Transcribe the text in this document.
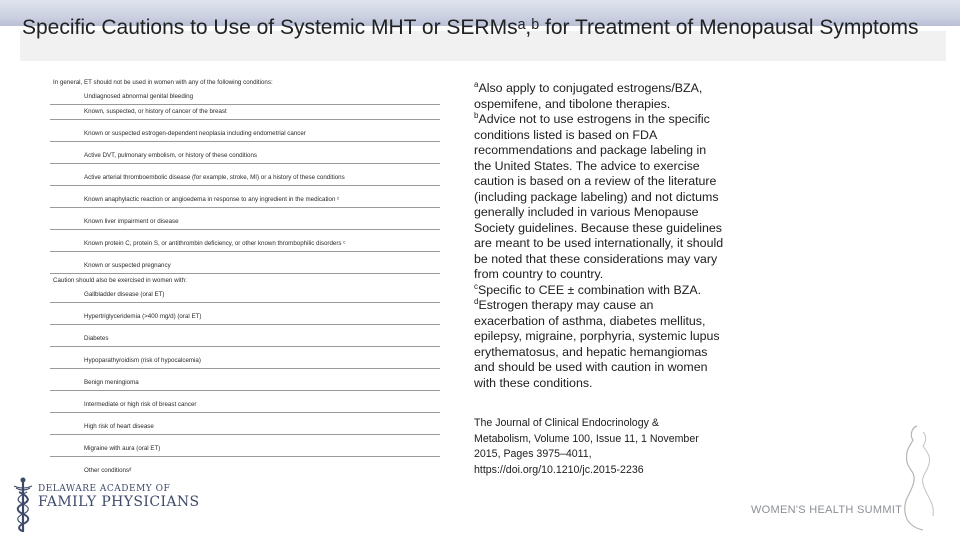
Specific Cautions to Use of Systemic MHT or SERMsᵃ,ᵇ for Treatment of Menopausal Symptoms
In general, ET should not be used in women with any of the following conditions:
Undiagnosed abnormal genital bleeding
Known, suspected, or history of cancer of the breast
Known or suspected estrogen-dependent neoplasia including endometrial cancer
Active DVT, pulmonary embolism, or history of these conditions
Active arterial thromboembolic disease (for example, stroke, MI) or a history of these conditions
Known anaphylactic reaction or angioedema in response to any ingredient in the medication ᶜ
Known liver impairment or disease
Known protein C, protein S, or antithrombin deficiency, or other known thrombophilic disorders ᶜ
Known or suspected pregnancy
Caution should also be exercised in women with:
Gallbladder disease (oral ET)
Hypertriglyceridemia (>400 mg/d) (oral ET)
Diabetes
Hypoparathyroidism (risk of hypocalcemia)
Benign meningioma
Intermediate or high risk of breast cancer
High risk of heart disease
Migraine with aura (oral ET)
Other conditionsᵈ

$^a$Also apply to conjugated estrogens/BZA, ospemifene, and tibolone therapies.

$^b$Advice not to use estrogens in the specific conditions listed is based on FDA recommendations and package labeling in the United States. The advice to exercise caution is based on a review of the literature (including package labeling) and not dictums generally included in various Menopause Society guidelines. Because these guidelines are meant to be used internationally, it should be noted that these considerations may vary from country to country.

$^c$Specific to CEE ± combination with BZA.

$^d$Estrogen therapy may cause an exacerbation of asthma, diabetes mellitus, epilepsy, migraine, porphyria, systemic lupus erythematosus, and hepatic hemangiomas and should be used with caution in women with these conditions.

The Journal of Clinical Endocrinology &

Metabolism, Volume 100, Issue 11, 1 November

2015, Pages 3975–4011,

https://doi.org/10.1210/jc.2015-2236

DELAWARE ACADEMY OF
FAMILY PHYSICIANS	WOMEN'S HEALTH SUMMIT
